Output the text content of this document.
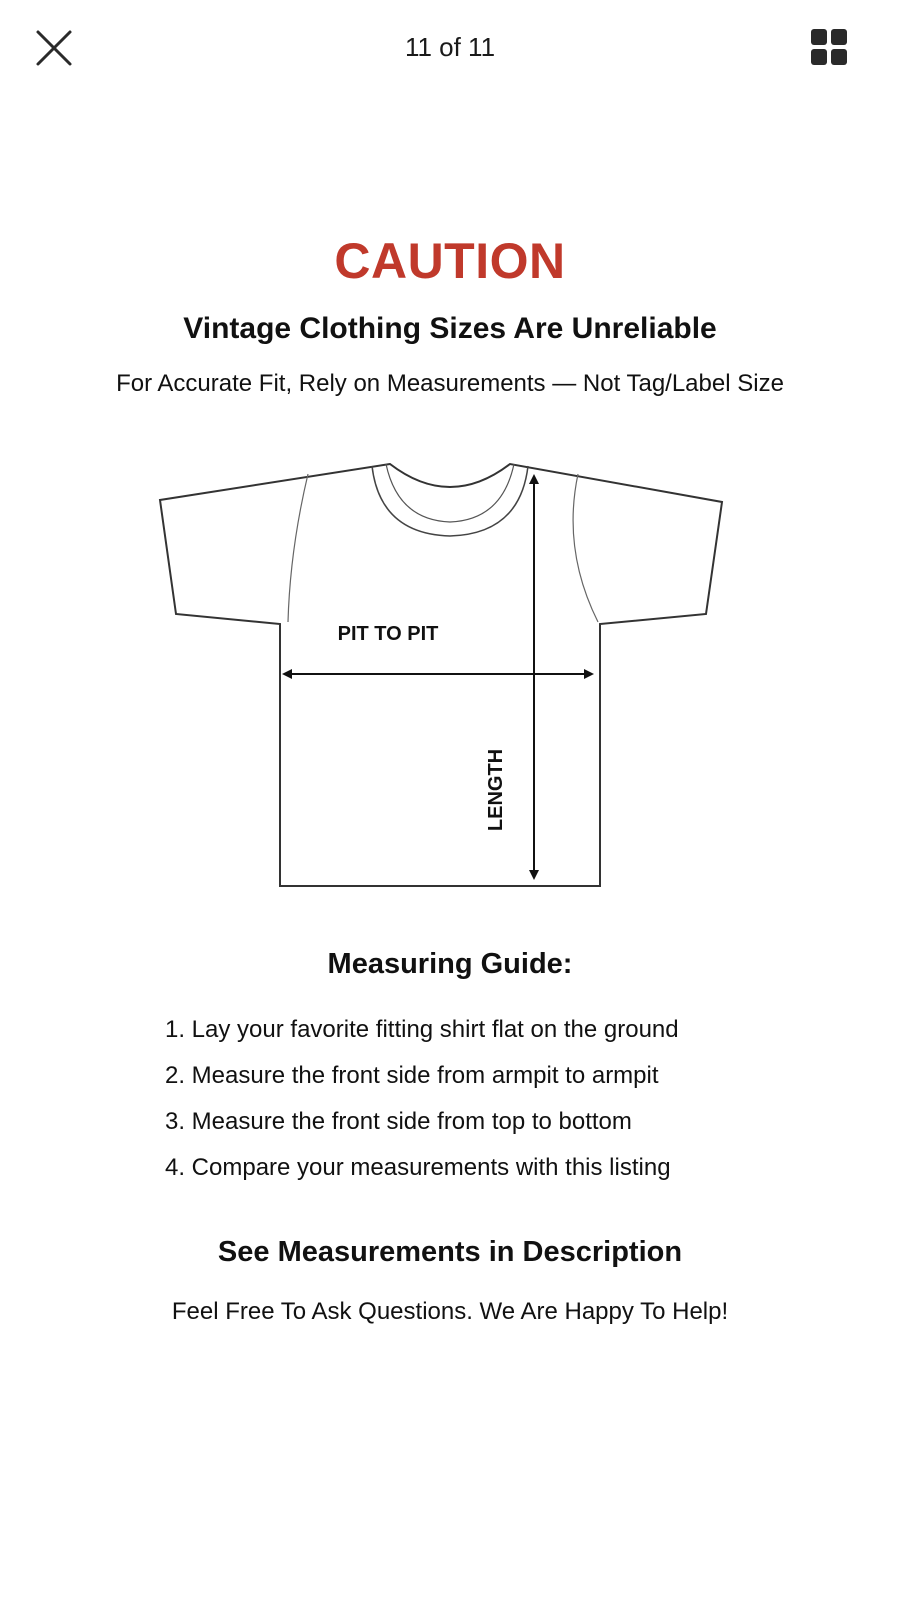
11 of 11
CAUTION
Vintage Clothing Sizes Are Unreliable
For Accurate Fit, Rely on Measurements — Not Tag/Label Size
PIT TO PIT
LENGTH
Measuring Guide:
1. Lay your favorite fitting shirt flat on the ground
2. Measure the front side from armpit to armpit
3. Measure the front side from top to bottom
4. Compare your measurements with this listing
See Measurements in Description
Feel Free To Ask Questions. We Are Happy To Help!
